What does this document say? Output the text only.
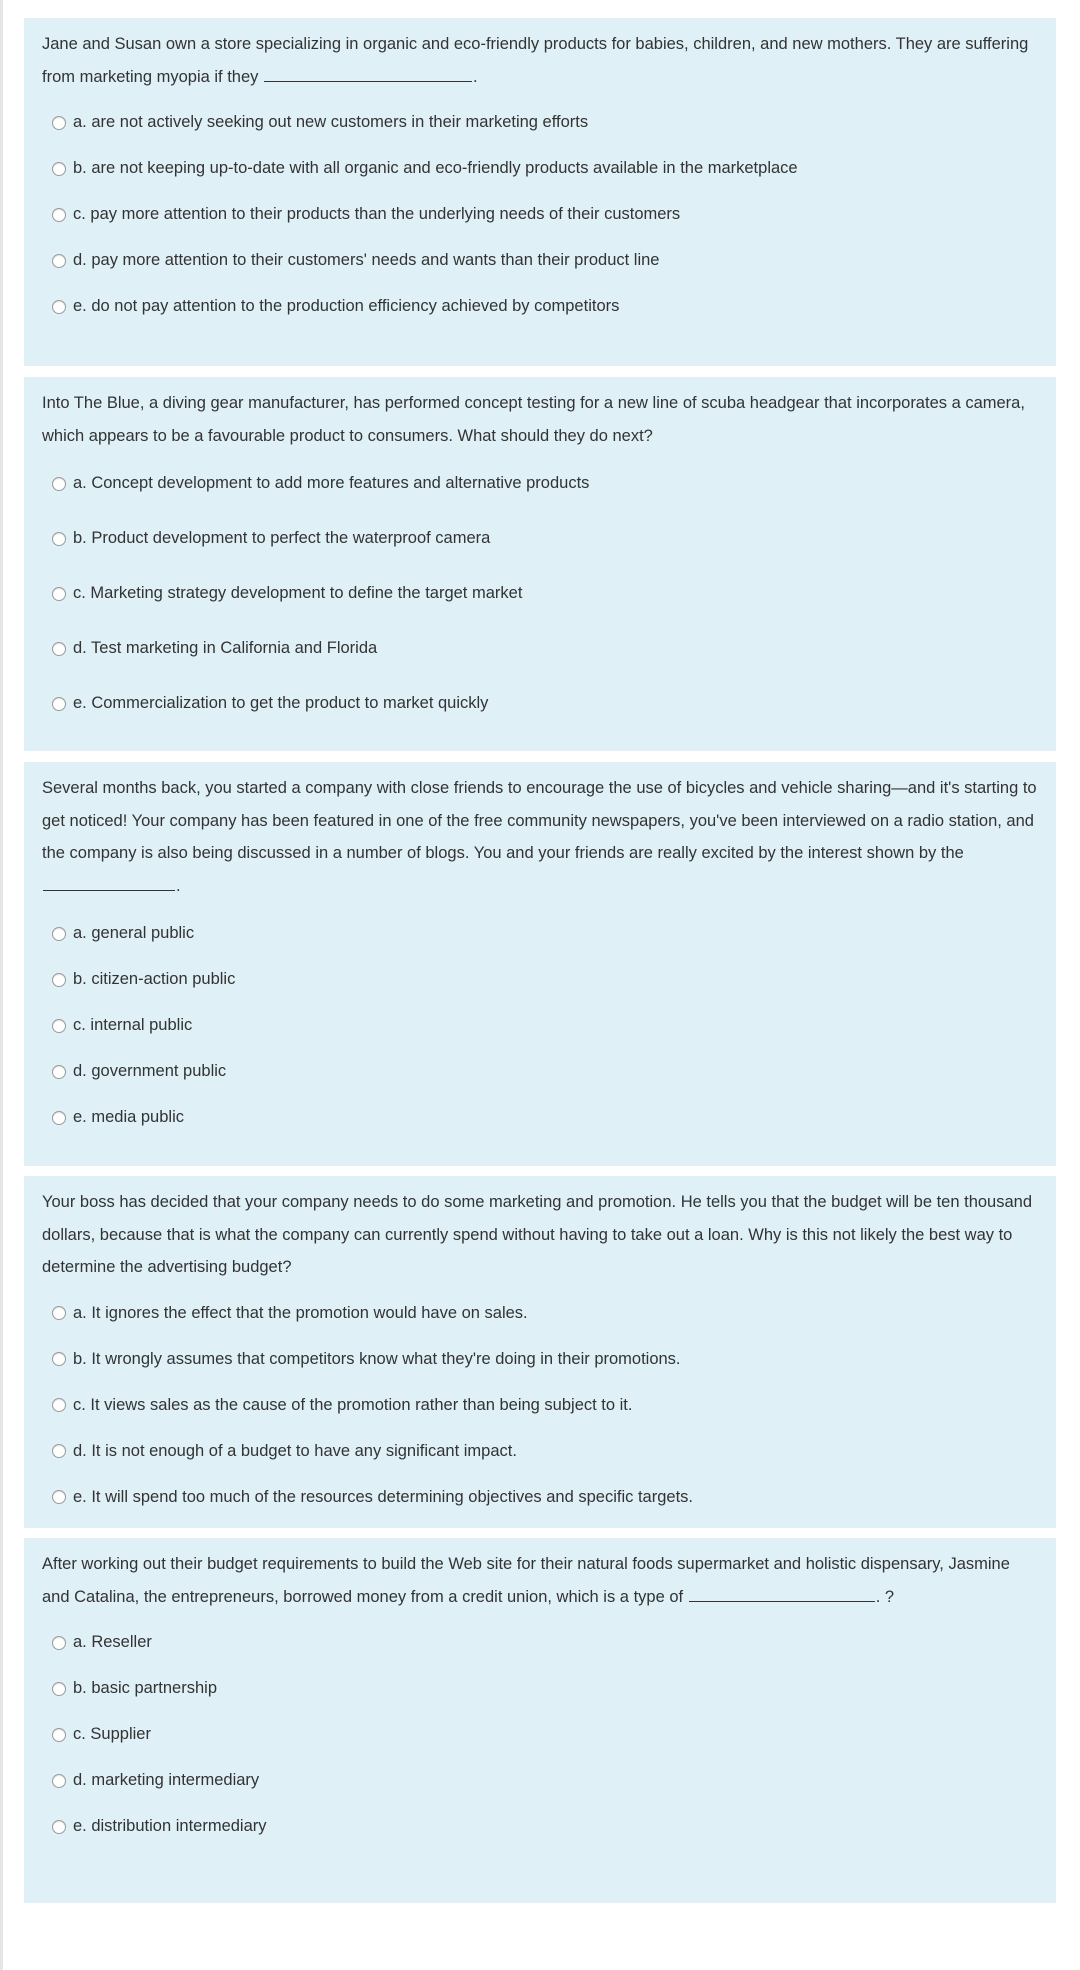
Jane and Susan own a store specializing in organic and eco-friendly products for babies, children, and new mothers. They are suffering from marketing myopia if they	.

a. are not actively seeking out new customers in their marketing efforts
b. are not keeping up-to-date with all organic and eco-friendly products available in the marketplace
c. pay more attention to their products than the underlying needs of their customers
d. pay more attention to their customers' needs and wants than their product line
e. do not pay attention to the production efficiency achieved by competitors

Into The Blue, a diving gear manufacturer, has performed concept testing for a new line of scuba headgear that incorporates a camera, which appears to be a favourable product to consumers. What should they do next?

a. Concept development to add more features and alternative products
b. Product development to perfect the waterproof camera
c. Marketing strategy development to define the target market
d. Test marketing in California and Florida
e. Commercialization to get the product to market quickly

Several months back, you started a company with close friends to encourage the use of bicycles and vehicle sharing—and it's starting to get noticed! Your company has been featured in one of the free community newspapers, you've been interviewed on a radio station, and the company is also being discussed in a number of blogs. You and your friends are really excited by the interest shown by the .

a. general public
b. citizen-action public
c. internal public
d. government public
e. media public

Your boss has decided that your company needs to do some marketing and promotion. He tells you that the budget will be ten thousand dollars, because that is what the company can currently spend without having to take out a loan. Why is this not likely the best way to determine the advertising budget?

a. It ignores the effect that the promotion would have on sales.
b. It wrongly assumes that competitors know what they're doing in their promotions.
c. It views sales as the cause of the promotion rather than being subject to it.
d. It is not enough of a budget to have any significant impact.
e. It will spend too much of the resources determining objectives and specific targets.

After working out their budget requirements to build the Web site for their natural foods supermarket and holistic dispensary, Jasmine and Catalina, the entrepreneurs, borrowed money from a credit union, which is a type of	. ?

a. Reseller
b. basic partnership
c. Supplier
d. marketing intermediary
e. distribution intermediary
